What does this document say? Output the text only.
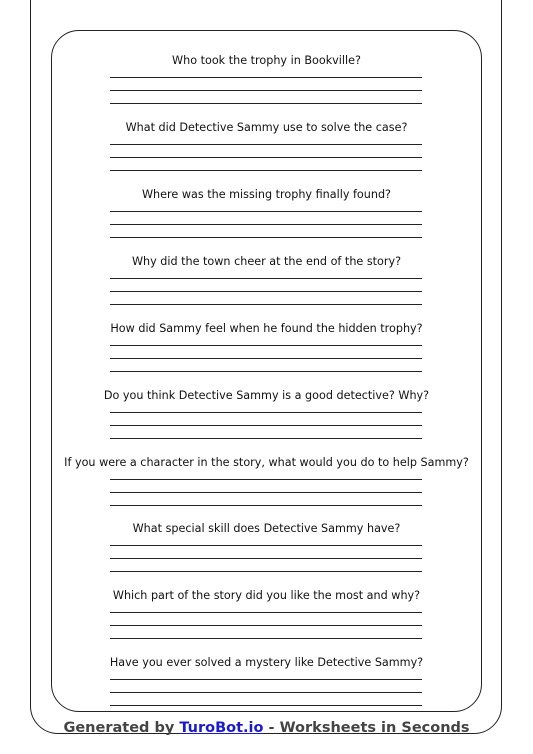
Who took the trophy in Bookville?
What did Detective Sammy use to solve the case?
Where was the missing trophy finally found?
Why did the town cheer at the end of the story?
How did Sammy feel when he found the hidden trophy?
Do you think Detective Sammy is a good detective? Why?
If you were a character in the story, what would you do to help Sammy?
What special skill does Detective Sammy have?
Which part of the story did you like the most and why?
Have you ever solved a mystery like Detective Sammy?
Generated by TuroBot.io - Worksheets in Seconds
